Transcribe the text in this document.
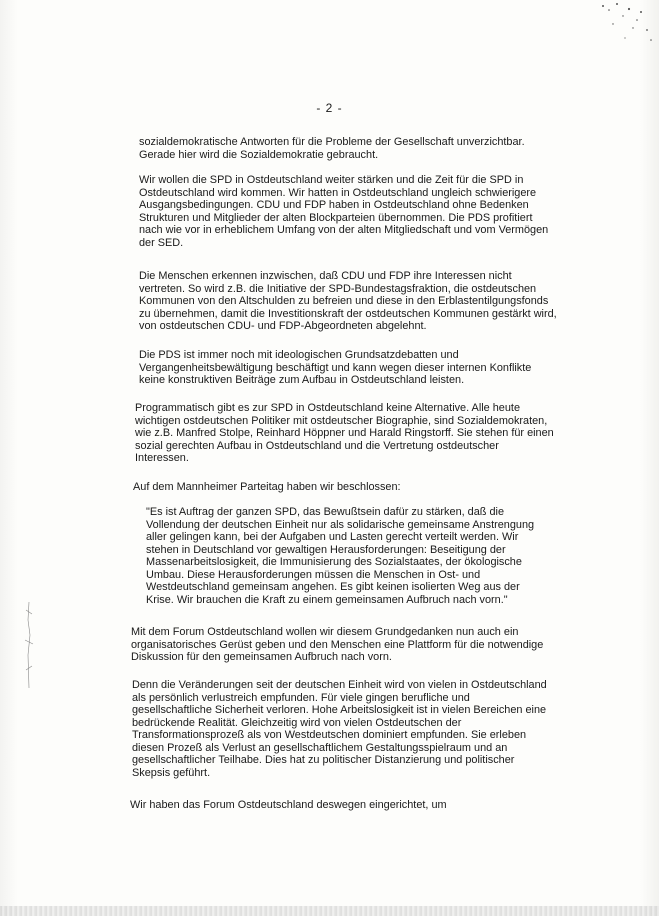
- 2 -

sozialdemokratische Antworten für die Probleme der Gesellschaft unverzichtbar.
Gerade hier wird die Sozialdemokratie gebraucht.

Wir wollen die SPD in Ostdeutschland weiter stärken und die Zeit für die SPD in
Ostdeutschland wird kommen. Wir hatten in Ostdeutschland ungleich schwierigere
Ausgangsbedingungen. CDU und FDP haben in Ostdeutschland ohne Bedenken
Strukturen und Mitglieder der alten Blockparteien übernommen. Die PDS profitiert
nach wie vor in erheblichem Umfang von der alten Mitgliedschaft und vom Vermögen
der SED.

Die Menschen erkennen inzwischen, daß CDU und FDP ihre Interessen nicht
vertreten. So wird z.B. die Initiative der SPD-Bundestagsfraktion, die ostdeutschen
Kommunen von den Altschulden zu befreien und diese in den Erblastentilgungsfonds
zu übernehmen, damit die Investitionskraft der ostdeutschen Kommunen gestärkt wird,
von ostdeutschen CDU- und FDP-Abgeordneten abgelehnt.

Die PDS ist immer noch mit ideologischen Grundsatzdebatten und
Vergangenheitsbewältigung beschäftigt und kann wegen dieser internen Konflikte
keine konstruktiven Beiträge zum Aufbau in Ostdeutschland leisten.

Programmatisch gibt es zur SPD in Ostdeutschland keine Alternative. Alle heute
wichtigen ostdeutschen Politiker mit ostdeutscher Biographie, sind Sozialdemokraten,
wie z.B. Manfred Stolpe, Reinhard Höppner und Harald Ringstorff. Sie stehen für einen
sozial gerechten Aufbau in Ostdeutschland und die Vertretung ostdeutscher
Interessen.

Auf dem Mannheimer Parteitag haben wir beschlossen:

"Es ist Auftrag der ganzen SPD, das Bewußtsein dafür zu stärken, daß die
Vollendung der deutschen Einheit nur als solidarische gemeinsame Anstrengung
aller gelingen kann, bei der Aufgaben und Lasten gerecht verteilt werden. Wir
stehen in Deutschland vor gewaltigen Herausforderungen: Beseitigung der
Massenarbeitslosigkeit, die Immunisierung des Sozialstaates, der ökologische
Umbau. Diese Herausforderungen müssen die Menschen in Ost- und
Westdeutschland gemeinsam angehen. Es gibt keinen isolierten Weg aus der
Krise. Wir brauchen die Kraft zu einem gemeinsamen Aufbruch nach vorn."

Mit dem Forum Ostdeutschland wollen wir diesem Grundgedanken nun auch ein
organisatorisches Gerüst geben und den Menschen eine Plattform für die notwendige
Diskussion für den gemeinsamen Aufbruch nach vorn.

Denn die Veränderungen seit der deutschen Einheit wird von vielen in Ostdeutschland
als persönlich verlustreich empfunden. Für viele gingen berufliche und
gesellschaftliche Sicherheit verloren. Hohe Arbeitslosigkeit ist in vielen Bereichen eine
bedrückende Realität. Gleichzeitig wird von vielen Ostdeutschen der
Transformationsprozeß als von Westdeutschen dominiert empfunden. Sie erleben
diesen Prozeß als Verlust an gesellschaftlichem Gestaltungsspielraum und an
gesellschaftlicher Teilhabe. Dies hat zu politischer Distanzierung und politischer
Skepsis geführt.

Wir haben das Forum Ostdeutschland deswegen eingerichtet, um
